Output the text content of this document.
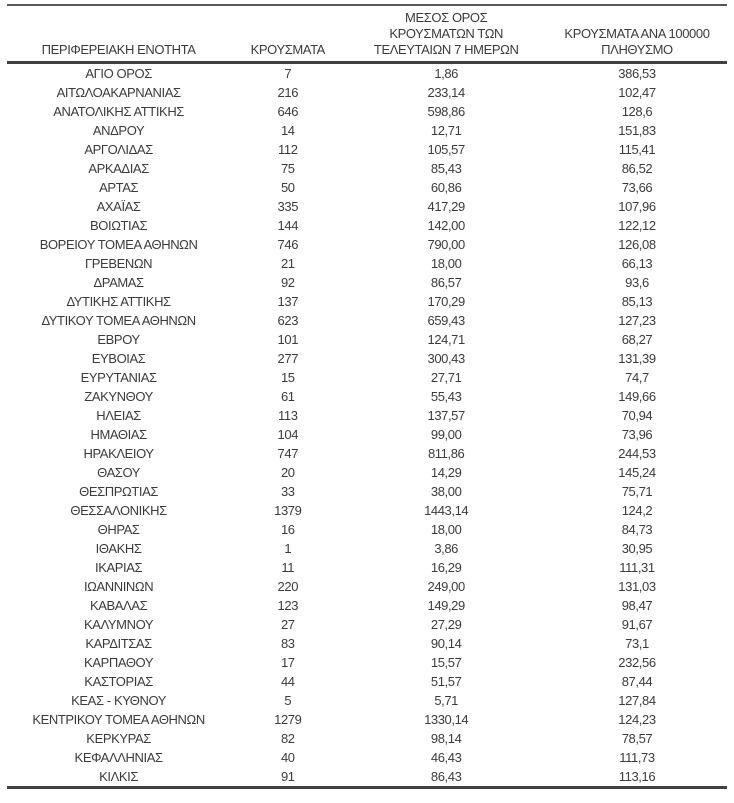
ΠΕΡΙΦΕΡΕΙΑΚΗ ΕΝΟΤΗΤΑ	ΚΡΟΥΣΜΑΤΑ	ΜΕΣΟΣ ΟΡΟΣ
ΚΡΟΥΣΜΑΤΩΝ ΤΩΝ
ΤΕΛΕΥΤΑΙΩΝ 7 ΗΜΕΡΩΝ	ΚΡΟΥΣΜΑΤΑ ΑΝΑ 100000
ΠΛΗΘΥΣΜΟ

ΑΓΙΟ ΟΡΟΣ	7	1,86	386,53
ΑΙΤΩΛΟΑΚΑΡΝΑΝΙΑΣ	216	233,14	102,47
ΑΝΑΤΟΛΙΚΗΣ ΑΤΤΙΚΗΣ	646	598,86	128,6
ΑΝΔΡΟΥ	14	12,71	151,83
ΑΡΓΟΛΙΔΑΣ	112	105,57	115,41
ΑΡΚΑΔΙΑΣ	75	85,43	86,52
ΑΡΤΑΣ	50	60,86	73,66
ΑΧΑΪΑΣ	335	417,29	107,96
ΒΟΙΩΤΙΑΣ	144	142,00	122,12
ΒΟΡΕΙΟΥ ΤΟΜΕΑ ΑΘΗΝΩΝ	746	790,00	126,08
ΓΡΕΒΕΝΩΝ	21	18,00	66,13
ΔΡΑΜΑΣ	92	86,57	93,6
ΔΥΤΙΚΗΣ ΑΤΤΙΚΗΣ	137	170,29	85,13
ΔΥΤΙΚΟΥ ΤΟΜΕΑ ΑΘΗΝΩΝ	623	659,43	127,23
ΕΒΡΟΥ	101	124,71	68,27
ΕΥΒΟΙΑΣ	277	300,43	131,39
ΕΥΡΥΤΑΝΙΑΣ	15	27,71	74,7
ΖΑΚΥΝΘΟΥ	61	55,43	149,66
ΗΛΕΙΑΣ	113	137,57	70,94
ΗΜΑΘΙΑΣ	104	99,00	73,96
ΗΡΑΚΛΕΙΟΥ	747	811,86	244,53
ΘΑΣΟΥ	20	14,29	145,24
ΘΕΣΠΡΩΤΙΑΣ	33	38,00	75,71
ΘΕΣΣΑΛΟΝΙΚΗΣ	1379	1443,14	124,2
ΘΗΡΑΣ	16	18,00	84,73
ΙΘΑΚΗΣ	1	3,86	30,95
ΙΚΑΡΙΑΣ	11	16,29	111,31
ΙΩΑΝΝΙΝΩΝ	220	249,00	131,03
ΚΑΒΑΛΑΣ	123	149,29	98,47
ΚΑΛΥΜΝΟΥ	27	27,29	91,67
ΚΑΡΔΙΤΣΑΣ	83	90,14	73,1
ΚΑΡΠΑΘΟΥ	17	15,57	232,56
ΚΑΣΤΟΡΙΑΣ	44	51,57	87,44
ΚΕΑΣ - ΚΥΘΝΟΥ	5	5,71	127,84
ΚΕΝΤΡΙΚΟΥ ΤΟΜΕΑ ΑΘΗΝΩΝ	1279	1330,14	124,23
ΚΕΡΚΥΡΑΣ	82	98,14	78,57
ΚΕΦΑΛΛΗΝΙΑΣ	40	46,43	111,73
ΚΙΛΚΙΣ	91	86,43	113,16
